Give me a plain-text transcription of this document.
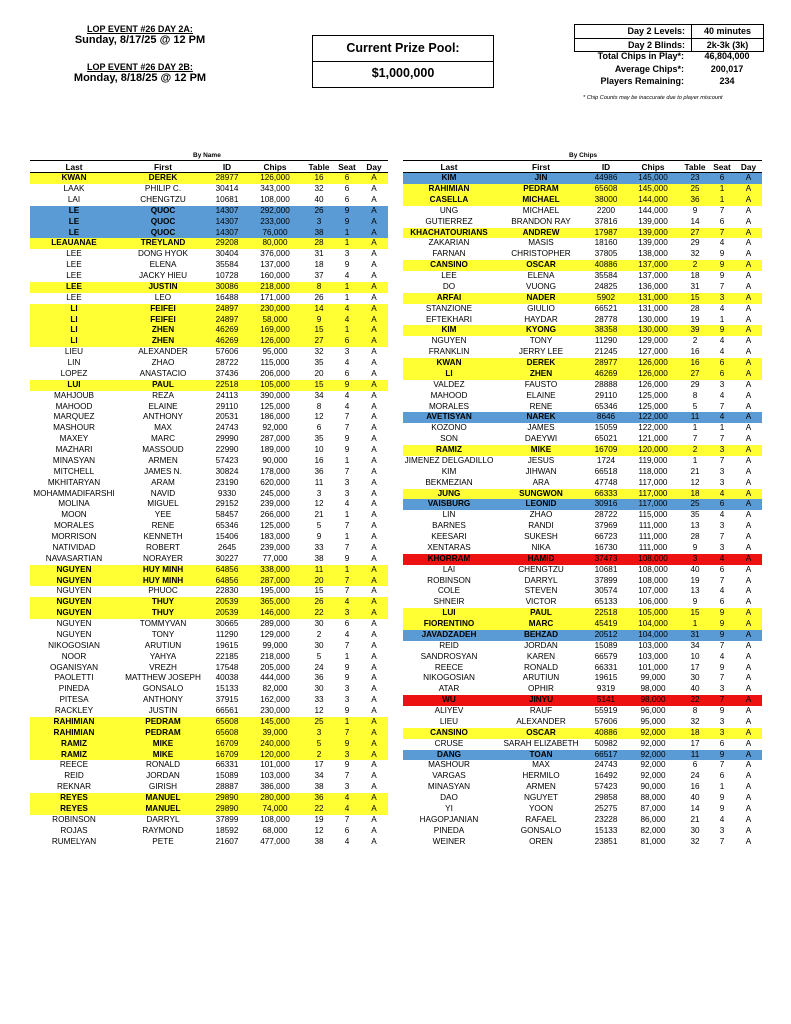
LOP EVENT #26 DAY 2A:
Sunday, 8/17/25 @ 12 PM
LOP EVENT #26 DAY 2B:
Monday, 8/18/25 @ 12 PM
Current Prize Pool:
$1,000,000
Day 2 Levels:	40 minutes
Day 2 Blinds:	2k-3k (3k)
Total Chips in Play*:	46,804,000
Average Chips*:	200,017
Players Remaining:	234
* Chip Counts may be inaccurate due to player miscount
By Name	By Chips
Last	First	ID	Chips	Table	Seat	Day
KWAN	DEREK	28977	126,000	16	6	A
LAAK	PHILIP C.	30414	343,000	32	6	A
LAI	CHENGTZU	10681	108,000	40	6	A
LE	QUOC	14307	292,000	26	9	A
LE	QUOC	14307	233,000	3	9	A
LE	QUOC	14307	76,000	38	1	A
LEAUANAE	TREYLAND	29208	80,000	28	1	A
LEE	DONG HYOK	30404	376,000	31	3	A
LEE	ELENA	35584	137,000	18	9	A
LEE	JACKY HIEU	10728	160,000	37	4	A
LEE	JUSTIN	30086	218,000	8	1	A
LEE	LEO	16488	171,000	26	1	A
LI	FEIFEI	24897	230,000	14	4	A
LI	FEIFEI	24897	58,000	9	4	A
LI	ZHEN	46269	169,000	15	1	A
LI	ZHEN	46269	126,000	27	6	A
LIEU	ALEXANDER	57606	95,000	32	3	A
LIN	ZHAO	28722	115,000	35	4	A
LOPEZ	ANASTACIO	37436	206,000	20	6	A
LUI	PAUL	22518	105,000	15	9	A
MAHJOUB	REZA	24113	390,000	34	4	A
MAHOOD	ELAINE	29110	125,000	8	4	A
MARQUEZ	ANTHONY	20531	186,000	12	7	A
MASHOUR	MAX	24743	92,000	6	7	A
MAXEY	MARC	29990	287,000	35	9	A
MAZHARI	MASSOUD	22990	189,000	10	9	A
MINASYAN	ARMEN	57423	90,000	16	1	A
MITCHELL	JAMES N.	30824	178,000	36	7	A
MKHITARYAN	ARAM	23190	620,000	11	3	A
MOHAMMADIFARSHI	NAVID	9330	245,000	3	3	A
MOLINA	MIGUEL	29152	239,000	12	4	A
MOON	YEE	58457	266,000	21	1	A
MORALES	RENE	65346	125,000	5	7	A
MORRISON	KENNETH	15406	183,000	9	1	A
NATIVIDAD	ROBERT	2645	239,000	33	7	A
NAVASARTIAN	NORAYER	30227	77,000	38	9	A
NGUYEN	HUY MINH	64856	338,000	11	1	A
NGUYEN	HUY MINH	64856	287,000	20	7	A
NGUYEN	PHUOC	22830	195,000	15	7	A
NGUYEN	THUY	20539	365,000	26	4	A
NGUYEN	THUY	20539	146,000	22	3	A
NGUYEN	TOMMYVAN	30665	289,000	30	6	A
NGUYEN	TONY	11290	129,000	2	4	A
NIKOGOSIAN	ARUTIUN	19615	99,000	30	7	A
NOOR	YAHYA	22185	218,000	5	1	A
OGANISYAN	VREZH	17548	205,000	24	9	A
PAOLETTI	MATTHEW JOSEPH	40038	444,000	36	9	A
PINEDA	GONSALO	15133	82,000	30	3	A
PITESA	ANTHONY	37915	162,000	33	3	A
RACKLEY	JUSTIN	66561	230,000	12	9	A
RAHIMIAN	PEDRAM	65608	145,000	25	1	A
RAHIMIAN	PEDRAM	65608	39,000	3	7	A
RAMIZ	MIKE	16709	240,000	5	9	A
RAMIZ	MIKE	16709	120,000	2	3	A
REECE	RONALD	66331	101,000	17	9	A
REID	JORDAN	15089	103,000	34	7	A
REKNAR	GIRISH	28887	386,000	38	3	A
REYES	MANUEL	29890	280,000	36	4	A
REYES	MANUEL	29890	74,000	22	4	A
ROBINSON	DARRYL	37899	108,000	19	7	A
ROJAS	RAYMOND	18592	68,000	12	6	A
RUMELYAN	PETE	21607	477,000	38	4	A
Last	First	ID	Chips	Table	Seat	Day
KIM	JIN	44986	145,000	23	6	A
RAHIMIAN	PEDRAM	65608	145,000	25	1	A
CASELLA	MICHAEL	38000	144,000	36	1	A
UNG	MICHAEL	2200	144,000	9	7	A
GUTIERREZ	BRANDON RAY	37816	139,000	14	6	A
KHACHATOURIANS	ANDREW	17987	139,000	27	7	A
ZAKARIAN	MASIS	18160	139,000	29	4	A
FARNAN	CHRISTOPHER	37805	138,000	32	9	A
CANSINO	OSCAR	40886	137,000	2	9	A
LEE	ELENA	35584	137,000	18	9	A
DO	VUONG	24825	136,000	31	7	A
ARFAI	NADER	5902	131,000	15	3	A
STANZIONE	GIULIO	66521	131,000	28	4	A
EFTEKHARI	HAYDAR	28778	130,000	19	1	A
KIM	KYONG	38358	130,000	39	9	A
NGUYEN	TONY	11290	129,000	2	4	A
FRANKLIN	JERRY LEE	21245	127,000	16	4	A
KWAN	DEREK	28977	126,000	16	6	A
LI	ZHEN	46269	126,000	27	6	A
VALDEZ	FAUSTO	28888	126,000	29	3	A
MAHOOD	ELAINE	29110	125,000	8	4	A
MORALES	RENE	65346	125,000	5	7	A
AVETISYAN	NAREK	8646	122,000	11	4	A
KOZONO	JAMES	15059	122,000	1	1	A
SON	DAEYWI	65021	121,000	7	7	A
RAMIZ	MIKE	16709	120,000	2	3	A
JIMENEZ DELGADILLO	JESUS	1724	119,000	1	7	A
KIM	JIHWAN	66518	118,000	21	3	A
BEKMEZIAN	ARA	47748	117,000	12	3	A
JUNG	SUNGWON	66333	117,000	18	4	A
VAISBURG	LEONID	30916	117,000	25	6	A
LIN	ZHAO	28722	115,000	35	4	A
BARNES	RANDI	37969	111,000	13	3	A
KEESARI	SUKESH	66723	111,000	28	7	A
XENTARAS	NIKA	16730	111,000	9	3	A
KHORRAM	HAMID	37473	108,000	3	4	A
LAI	CHENGTZU	10681	108,000	40	6	A
ROBINSON	DARRYL	37899	108,000	19	7	A
COLE	STEVEN	30574	107,000	13	4	A
SHNEIR	VICTOR	65133	106,000	9	6	A
LUI	PAUL	22518	105,000	15	9	A
FIORENTINO	MARC	45419	104,000	1	9	A
JAVADZADEH	BEHZAD	20512	104,000	31	9	A
REID	JORDAN	15089	103,000	34	7	A
SANDROSYAN	KAREN	66579	103,000	10	4	A
REECE	RONALD	66331	101,000	17	9	A
NIKOGOSIAN	ARUTIUN	19615	99,000	30	7	A
ATAR	OPHIR	9319	98,000	40	3	A
WU	JINYU	5141	98,000	22	7	A
ALIYEV	RAUF	55919	96,000	8	9	A
LIEU	ALEXANDER	57606	95,000	32	3	A
CANSINO	OSCAR	40886	92,000	18	3	A
CRUSE	SARAH ELIZABETH	50982	92,000	17	6	A
DANG	TOAN	66517	92,000	11	9	A
MASHOUR	MAX	24743	92,000	6	7	A
VARGAS	HERMILO	16492	92,000	24	6	A
MINASYAN	ARMEN	57423	90,000	16	1	A
DAO	NGUYET	29858	88,000	40	9	A
YI	YOON	25275	87,000	14	9	A
HAGOPJANIAN	RAFAEL	23228	86,000	21	4	A
PINEDA	GONSALO	15133	82,000	30	3	A
WEINER	OREN	23851	81,000	32	7	A
